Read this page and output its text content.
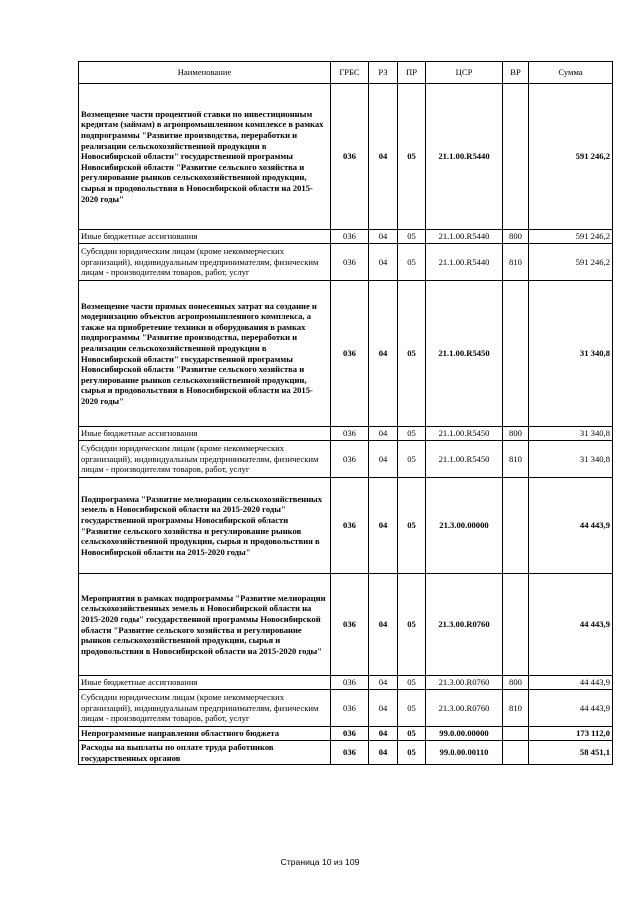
Наименование	ГРБС	РЗ	ПР	ЦСР	ВР	Сумма
Возмещение части процентной ставки по инвестиционным кредитам (займам) в агропромышленном комплексе в рамках подпрограммы "Развитие производства, переработки и реализации сельскохозяйственной продукции в Новосибирской области" государственной программы Новосибирской области "Развитие сельского хозяйства и регулирование рынков сельскохозяйственной продукции, сырья и продовольствия в Новосибирской области на 2015-2020 годы"	036	04	05	21.1.00.R5440		591 246,2
Иные бюджетные ассигнования	036	04	05	21.1.00.R5440	800	591 246,2
Субсидии юридическим лицам (кроме некоммерческих организаций), индивидуальным предпринимателям, физическим лицам - производителям товаров, работ, услуг	036	04	05	21.1.00.R5440	810	591 246,2
Возмещение части прямых понесенных затрат на создание и модернизацию объектов агропромышленного комплекса, а также на приобретение техники и оборудования в рамках подпрограммы "Развитие производства, переработки и реализации сельскохозяйственной продукции в Новосибирской области" государственной программы Новосибирской области "Развитие сельского хозяйства и регулирование рынков сельскохозяйственной продукции, сырья и продовольствия в Новосибирской области на 2015-2020 годы"	036	04	05	21.1.00.R5450		31 340,8
Иные бюджетные ассигнования	036	04	05	21.1.00.R5450	800	31 340,8
Субсидии юридическим лицам (кроме некоммерческих организаций), индивидуальным предпринимателям, физическим лицам - производителям товаров, работ, услуг	036	04	05	21.1.00.R5450	810	31 340,8
Подпрограмма "Развитие мелиорации сельскохозяйственных земель в Новосибирской области на 2015-2020 годы" государственной программы Новосибирской области "Развитие сельского хозяйства и регулирование рынков сельскохозяйственной продукции, сырья и продовольствия в Новосибирской области на 2015-2020 годы"	036	04	05	21.3.00.00000		44 443,9
Мероприятия в рамках подпрограммы "Развитие мелиорации сельскохозяйственных земель в Новосибирской области на 2015-2020 годы" государственной программы Новосибирской области "Развитие сельского хозяйства и регулирование рынков сельскохозяйственной продукции, сырья и продовольствия в Новосибирской области на 2015-2020 годы"	036	04	05	21.3.00.R0760		44 443,9
Иные бюджетные ассигнования	036	04	05	21.3.00.R0760	800	44 443,9
Субсидии юридическим лицам (кроме некоммерческих организаций), индивидуальным предпринимателям, физическим лицам - производителям товаров, работ, услуг	036	04	05	21.3.00.R0760	810	44 443,9
Непрограммные направления областного бюджета	036	04	05	99.0.00.00000		173 112,0
Расходы на выплаты по оплате труда работников государственных органов	036	04	05	99.0.00.00110		58 451,1
Страница 10 из 109
